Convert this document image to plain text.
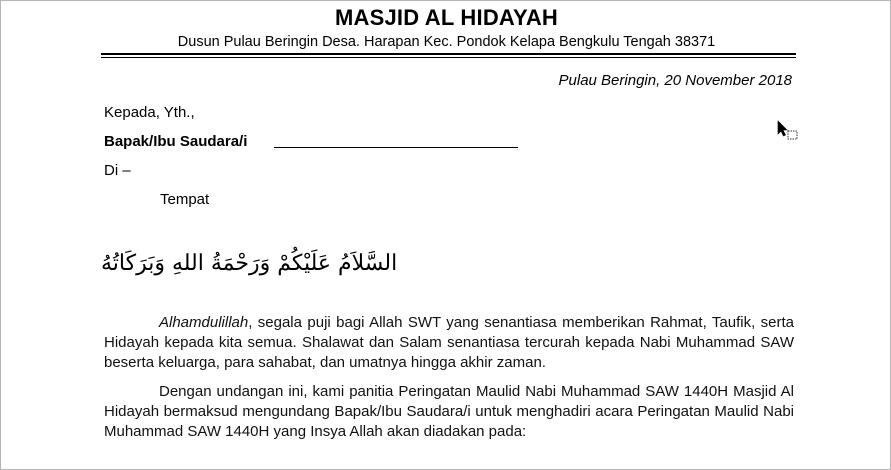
MASJID AL HIDAYAH
Dusun Pulau Beringin Desa. Harapan Kec. Pondok Kelapa Bengkulu Tengah 38371
Pulau Beringin, 20 November 2018
Kepada, Yth.,
Bapak/Ibu Saudara/i
Di –
Tempat
السَّلاَمُ عَلَيْكُمْ وَرَحْمَةُ اللهِ وَبَرَكَاتُهُ
Alhamdulillah, segala puji bagi Allah SWT yang senantiasa memberikan Rahmat, Taufik, serta Hidayah kepada kita semua. Shalawat dan Salam senantiasa tercurah kepada Nabi Muhammad SAW beserta keluarga, para sahabat, dan umatnya hingga akhir zaman.
Dengan undangan ini, kami panitia Peringatan Maulid Nabi Muhammad SAW 1440H Masjid Al Hidayah bermaksud mengundang Bapak/Ibu Saudara/i untuk menghadiri acara Peringatan Maulid Nabi Muhammad SAW 1440H yang Insya Allah akan diadakan pada:
